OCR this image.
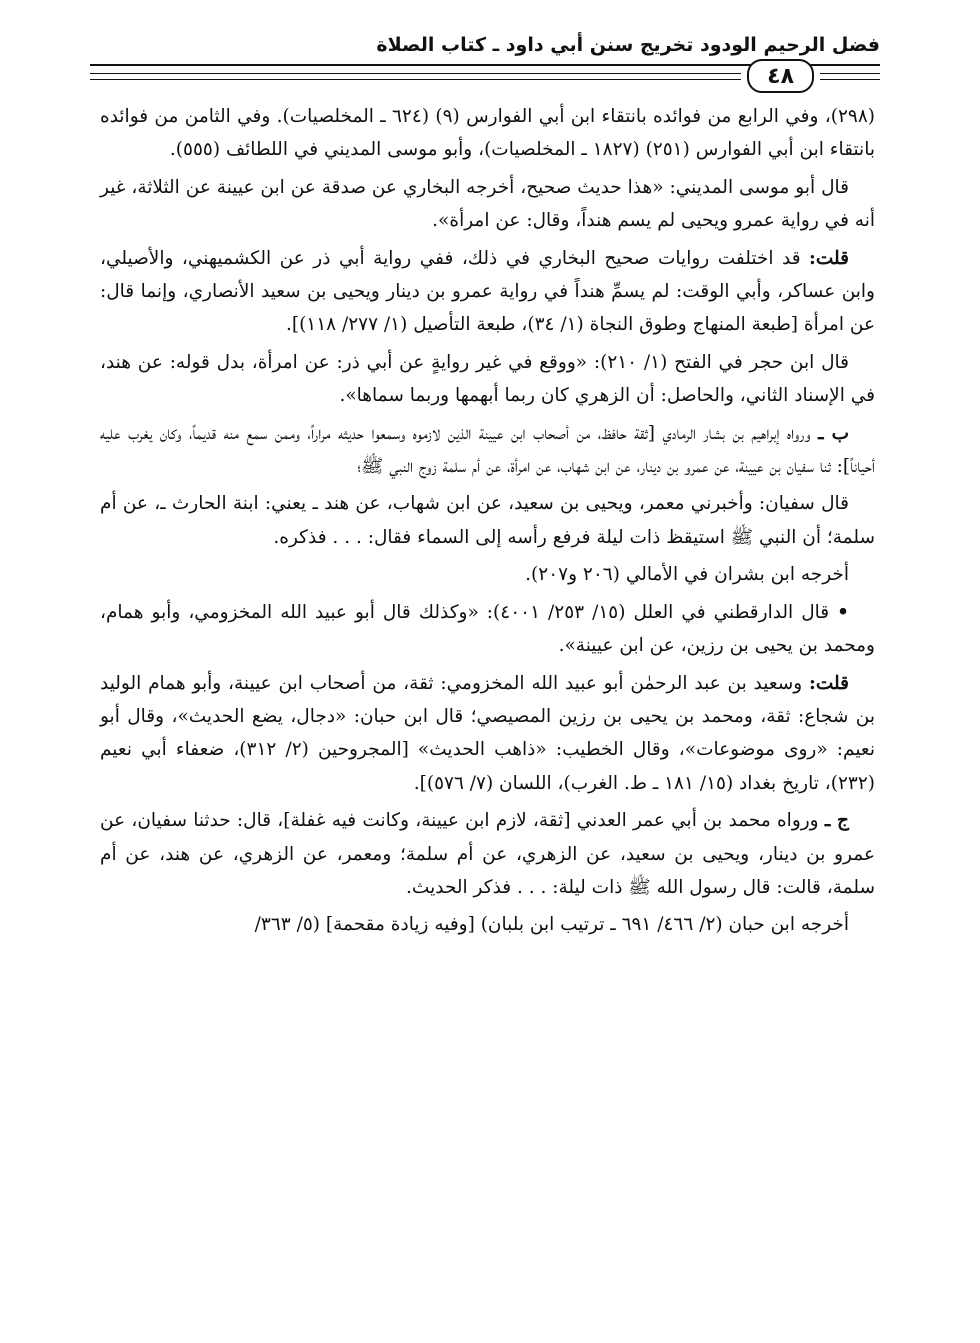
فضل الرحيم الودود تخريج سنن أبي داود ـ كتاب الصلاة
٤٨

(٢٩٨)، وفي الرابع من فوائده بانتقاء ابن أبي الفوارس (٩) (٦٢٤ ـ المخلصيات). وفي الثامن من فوائده بانتقاء ابن أبي الفوارس (٢٥١) (١٨٢٧ ـ المخلصيات)، وأبو موسى المديني في اللطائف (٥٥٥).

قال أبو موسى المديني: «هذا حديث صحيح، أخرجه البخاري عن صدقة عن ابن عيينة عن الثلاثة، غير أنه في رواية عمرو ويحيى لم يسم هنداً، وقال: عن امرأة».

قلت: قد اختلفت روايات صحيح البخاري في ذلك، ففي رواية أبي ذر عن الكشميهني، والأصيلي، وابن عساكر، وأبي الوقت: لم يسمِّ هنداً في رواية عمرو بن دينار ويحيى بن سعيد الأنصاري، وإنما قال: عن امرأة [طبعة المنهاج وطوق النجاة (١/ ٣٤)، طبعة التأصيل (١/ ٢٧٧/ ١١٨)].

قال ابن حجر في الفتح (١/ ٢١٠): «ووقع في غير روايةٍ عن أبي ذر: عن امرأة، بدل قوله: عن هند، في الإسناد الثاني، والحاصل: أن الزهري كان ربما أبهمها وربما سماها».

ب ـ ورواه إبراهيم بن بشار الرمادي [ثقة حافظ، من أصحاب ابن عيينة الذين لازموه وسمعوا حديثه مراراً، وممن سمع منه قديماً، وكان يغرب عليه أحياناً]: ثنا سفيان بن عيينة، عن عمرو بن دينار، عن ابن شهاب، عن امرأة، عن أم سلمة زوج النبي ﷺ؛

قال سفيان: وأخبرني معمر، ويحيى بن سعيد، عن ابن شهاب، عن هند ـ يعني: ابنة الحارث ـ، عن أم سلمة؛ أن النبي ﷺ استيقظ ذات ليلة فرفع رأسه إلى السماء فقال: . . . فذكره.

أخرجه ابن بشران في الأمالي (٢٠٦ و٢٠٧).

• قال الدارقطني في العلل (١٥/ ٢٥٣/ ٤٠٠١): «وكذلك قال أبو عبيد الله المخزومي، وأبو همام، ومحمد بن يحيى بن رزين، عن ابن عيينة».

قلت: وسعيد بن عبد الرحمٰن أبو عبيد الله المخزومي: ثقة، من أصحاب ابن عيينة، وأبو همام الوليد بن شجاع: ثقة، ومحمد بن يحيى بن رزين المصيصي؛ قال ابن حبان: «دجال، يضع الحديث»، وقال أبو نعيم: «روى موضوعات»، وقال الخطيب: «ذاهب الحديث» [المجروحين (٢/ ٣١٢)، ضعفاء أبي نعيم (٢٣٢)، تاريخ بغداد (١٥/ ١٨١ ـ ط. الغرب)، اللسان (٧/ ٥٧٦)].

ج ـ ورواه محمد بن أبي عمر العدني [ثقة، لازم ابن عيينة، وكانت فيه غفلة]، قال: حدثنا سفيان، عن عمرو بن دينار، ويحيى بن سعيد، عن الزهري، عن أم سلمة؛ ومعمر، عن الزهري، عن هند، عن أم سلمة، قالت: قال رسول الله ﷺ ذات ليلة: . . . فذكر الحديث.

أخرجه ابن حبان (٢/ ٤٦٦/ ٦٩١ ـ ترتيب ابن بلبان) [وفيه زيادة مقحمة] (٥/ ٣٦٣/
